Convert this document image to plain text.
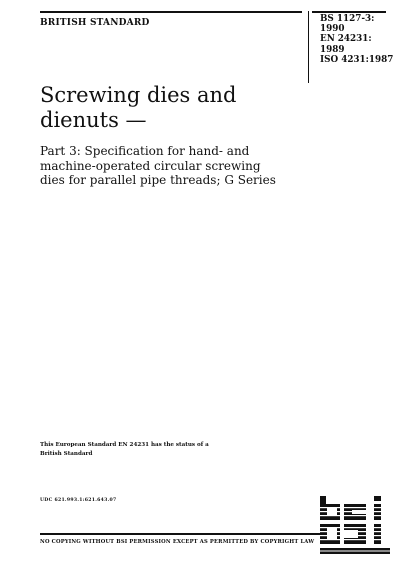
BRITISH STANDARD	BS 1127-3:
1990
EN 24231:
1989
ISO 4231:1987
Screwing dies and
dienuts —
Part 3: Specification for hand- and
machine-operated circular screwing
dies for parallel pipe threads; G Series
This European Standard EN 24231 has the status of a
British Standard
UDC 621.993.1:621.643.07
NO COPYING WITHOUT BSI PERMISSION EXCEPT AS PERMITTED BY COPYRIGHT LAW
